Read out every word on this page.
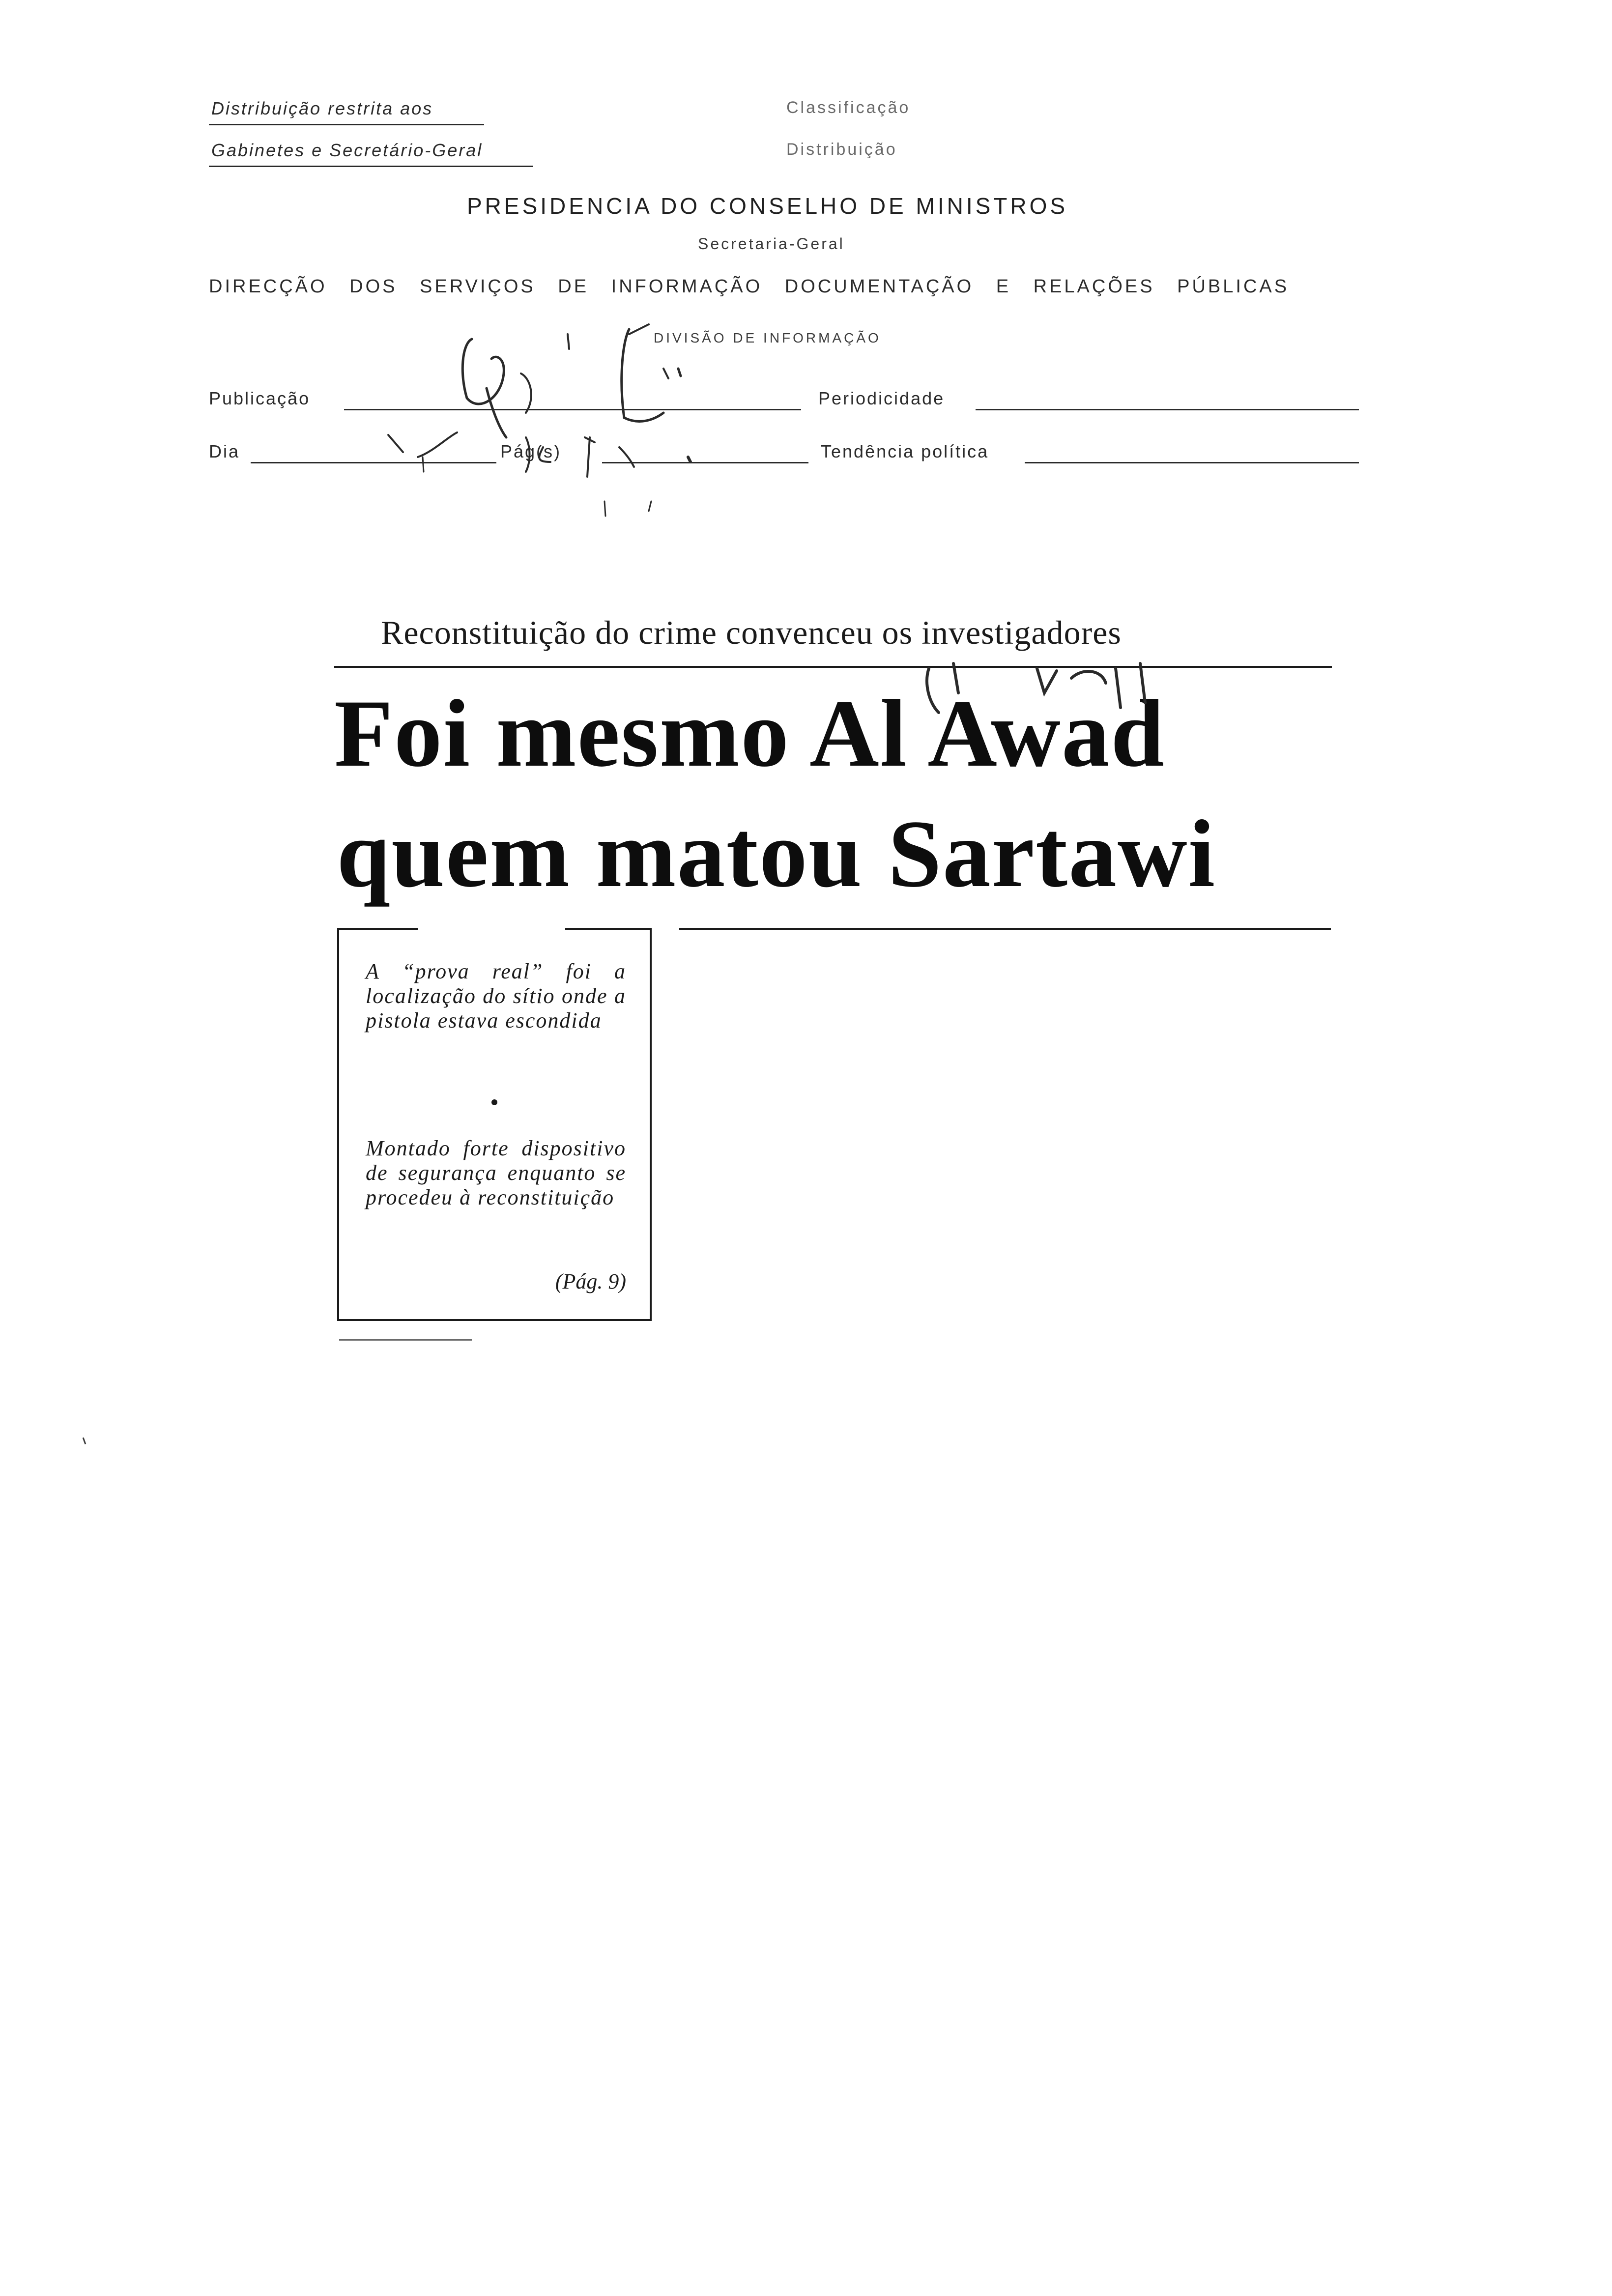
Distribuição restrita aos
Gabinetes e Secretário-Geral
Classificação
Distribuição
PRESIDENCIA DO CONSELHO DE MINISTROS
Secretaria-Geral
DIRECÇÃO DOS SERVIÇOS DE INFORMAÇÃO DOCUMENTAÇÃO E RELAÇÕES PÚBLICAS
DIVISÃO DE INFORMAÇÃO
Publicação	Periodicidade
Dia	Pág(s)	Tendência política
Reconstituição do crime convenceu os investigadores
Foi mesmo Al Awad
quem matou Sartawi
A “prova real” foi a localização do sítio onde a pistola estava escondida
Montado forte dispositivo de segurança enquanto se procedeu à reconstituição
(Pág. 9)
